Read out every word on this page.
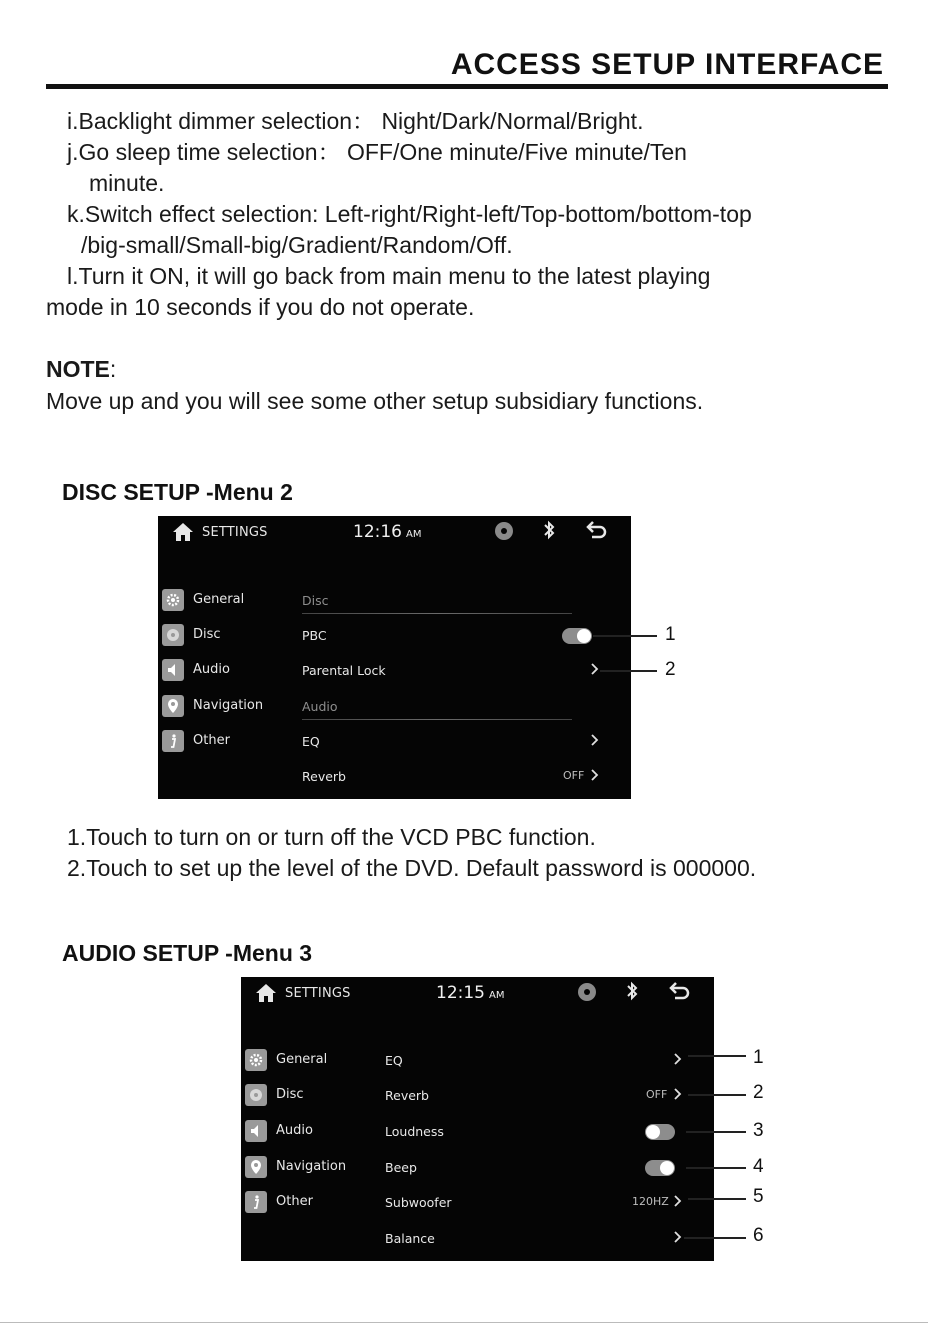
ACCESS SETUP INTERFACE
i.Backlight dimmer selection： Night/Dark/Normal/Bright.
j.Go sleep time selection： OFF/One minute/Five minute/Ten
minute.
k.Switch effect selection: Left-right/Right-left/Top-bottom/bottom-top
/big-small/Small-big/Gradient/Random/Off.
l.Turn it ON, it will go back from main menu to the latest playing
mode in 10 seconds if you do not operate.
NOTE:
Move up and you will see some other setup subsidiary functions.
DISC SETUP -Menu 2
SETTINGS	12:16 AM
General
Disc
Audio
Navigation
Other
Disc
PBC
Parental Lock
Audio
EQ
Reverb	OFF
1
2
1.Touch to turn on or turn off the VCD PBC function.
2.Touch to set up the level of the DVD. Default password is 000000.
AUDIO SETUP -Menu 3
SETTINGS	12:15 AM
General
Disc
Audio
Navigation
Other
EQ
Reverb	OFF
Loudness
Beep
Subwoofer	120HZ
Balance
1
2
3
4
5
6
